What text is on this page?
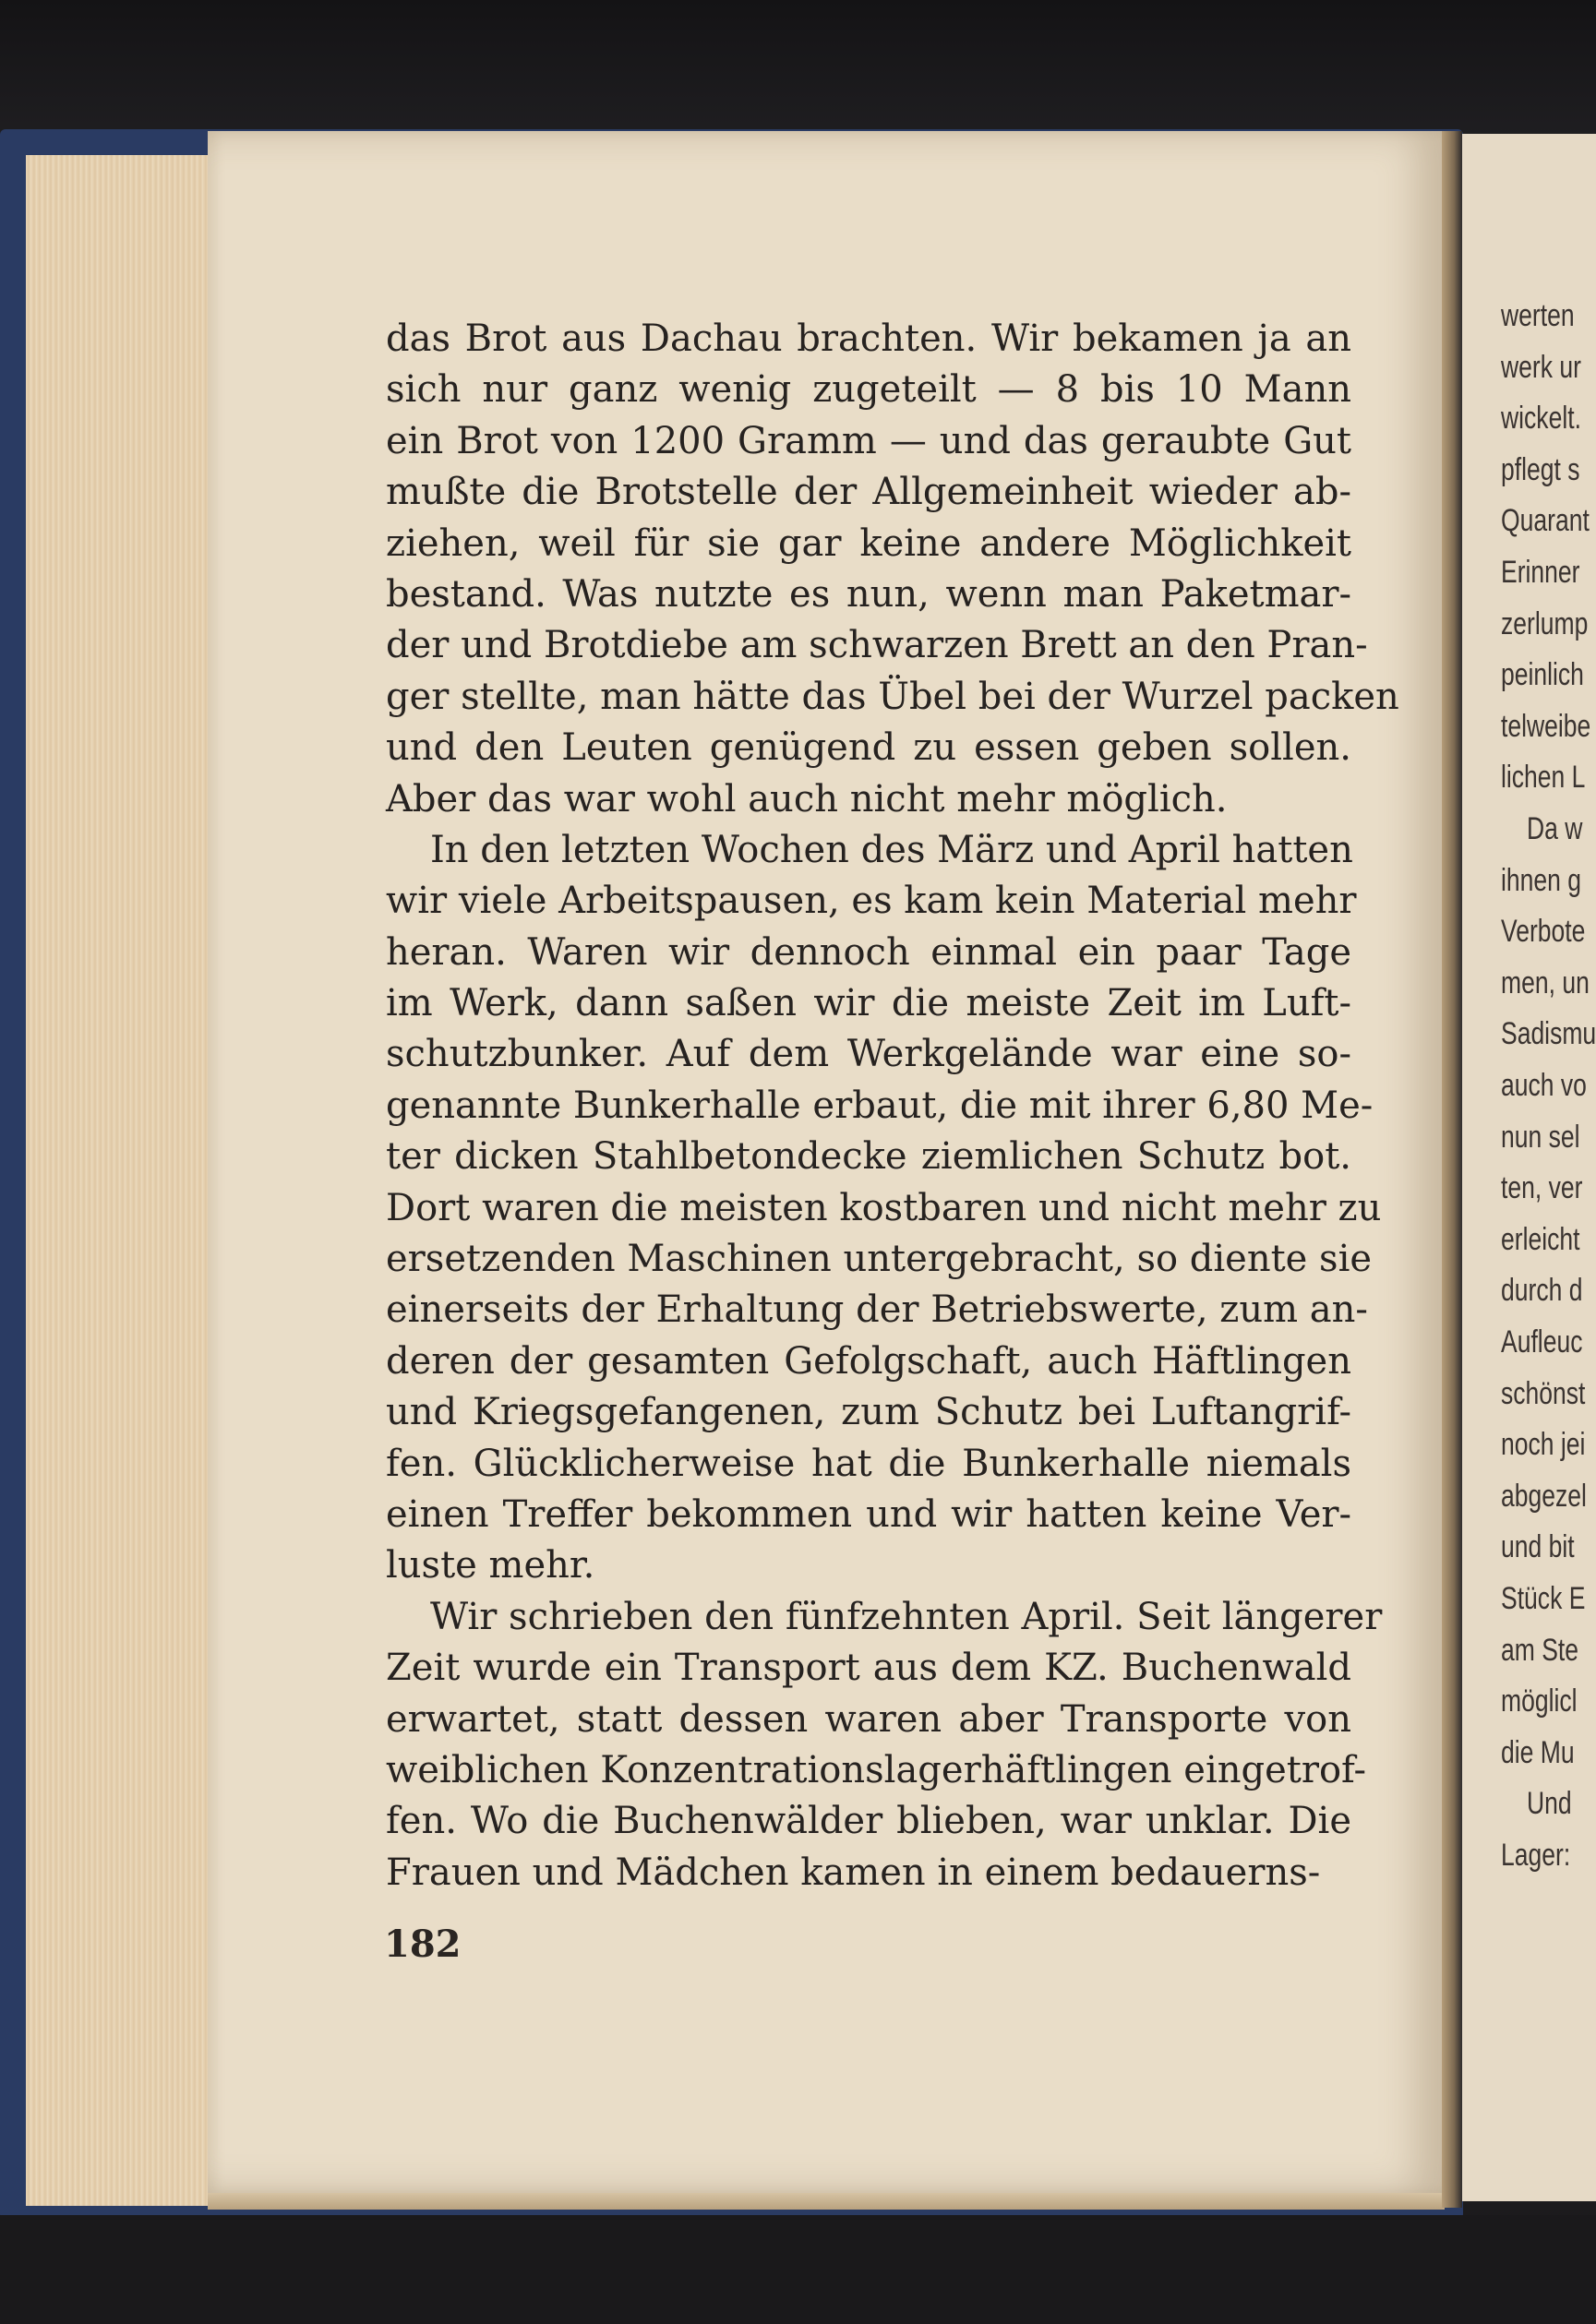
werten
werk ur
wickelt.
pflegt s
Quarant
Erinner
zerlump
peinlich
telweibe
lichen L
Da w
ihnen g
Verbote
men, un
Sadismu
auch vo
nun sel
ten, ver
erleicht
durch d
Aufleuc
schönst
noch jei
abgezel
und bit
Stück E
am Ste
möglicl
die Mu
Und
Lager:
das Brot aus Dachau brachten. Wir bekamen ja an
sich nur ganz wenig zugeteilt — 8 bis 10 Mann
ein Brot von 1200 Gramm — und das geraubte Gut
mußte die Brotstelle der Allgemeinheit wieder ab-
ziehen, weil für sie gar keine andere Möglichkeit
bestand. Was nutzte es nun, wenn man Paketmar-
der und Brotdiebe am schwarzen Brett an den Pran-
ger stellte, man hätte das Übel bei der Wurzel packen
und den Leuten genügend zu essen geben sollen.
Aber das war wohl auch nicht mehr möglich.
In den letzten Wochen des März und April hatten
wir viele Arbeitspausen, es kam kein Material mehr
heran. Waren wir dennoch einmal ein paar Tage
im Werk, dann saßen wir die meiste Zeit im Luft-
schutzbunker. Auf dem Werkgelände war eine so-
genannte Bunkerhalle erbaut, die mit ihrer 6,80 Me-
ter dicken Stahlbetondecke ziemlichen Schutz bot.
Dort waren die meisten kostbaren und nicht mehr zu
ersetzenden Maschinen untergebracht, so diente sie
einerseits der Erhaltung der Betriebswerte, zum an-
deren der gesamten Gefolgschaft, auch Häftlingen
und Kriegsgefangenen, zum Schutz bei Luftangrif-
fen. Glücklicherweise hat die Bunkerhalle niemals
einen Treffer bekommen und wir hatten keine Ver-
luste mehr.
Wir schrieben den fünfzehnten April. Seit längerer
Zeit wurde ein Transport aus dem KZ. Buchenwald
erwartet, statt dessen waren aber Transporte von
weiblichen Konzentrationslagerhäftlingen eingetrof-
fen. Wo die Buchenwälder blieben, war unklar. Die
Frauen und Mädchen kamen in einem bedauerns-
182
